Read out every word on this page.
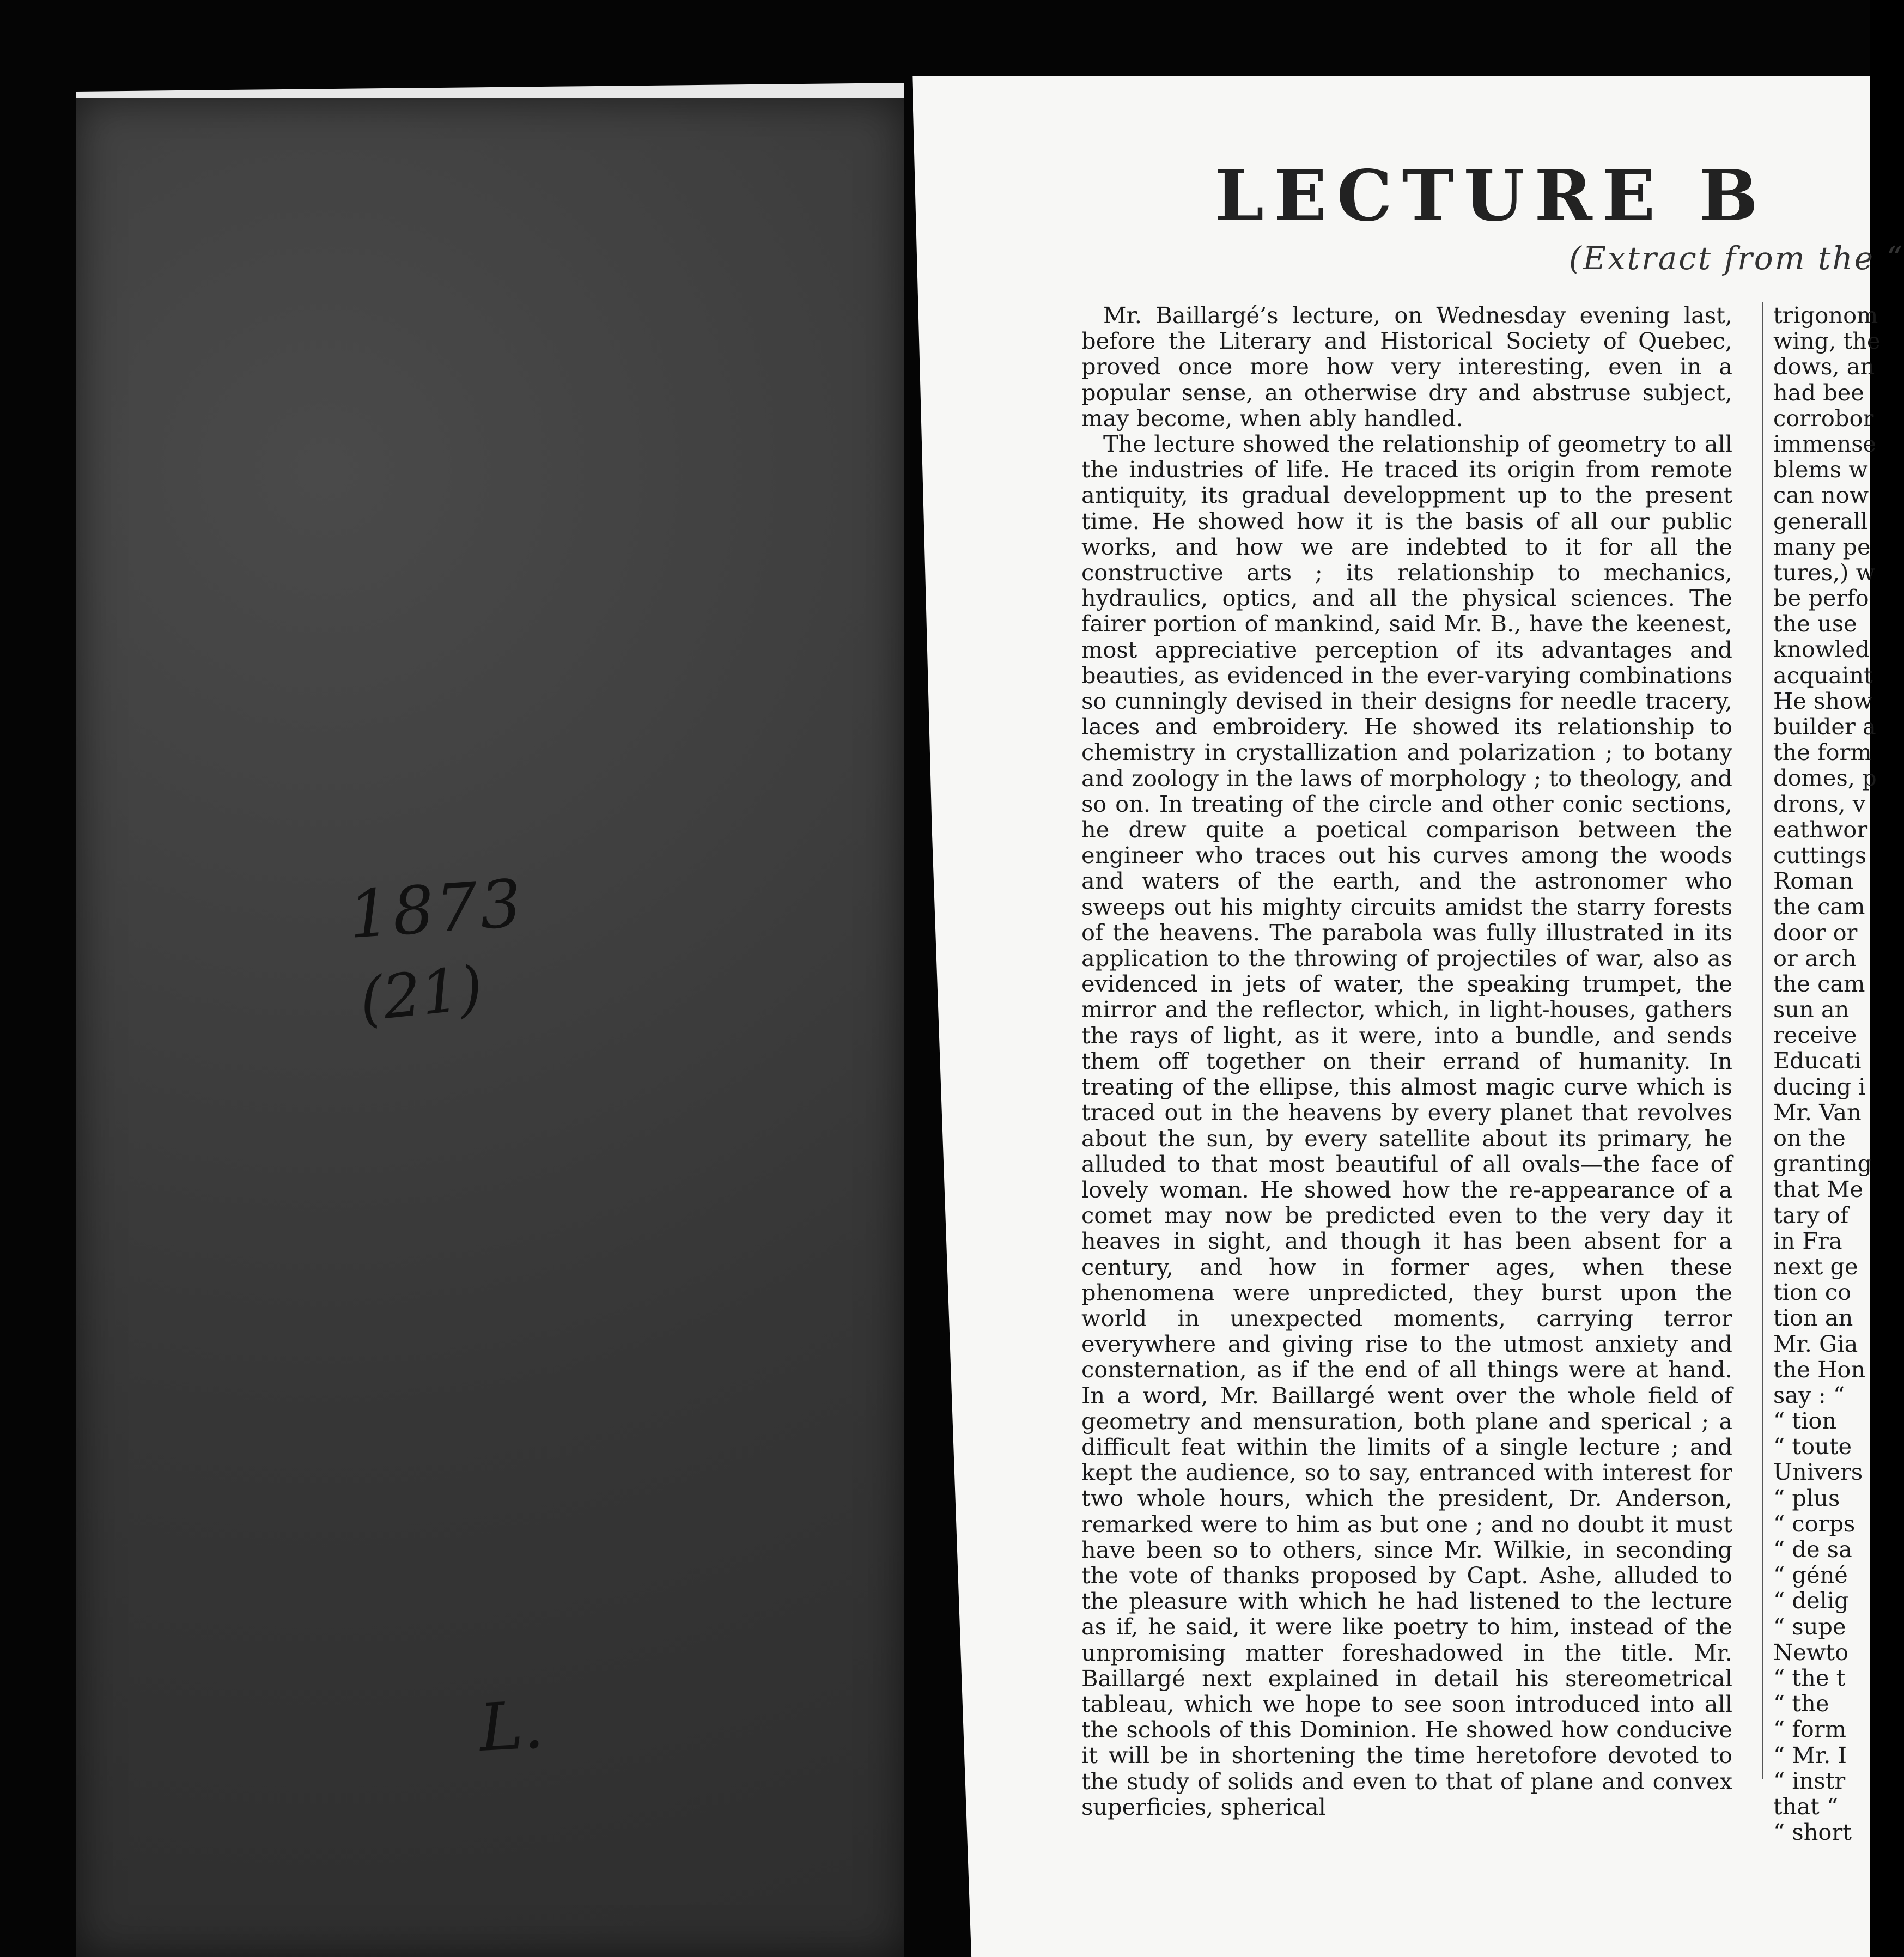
1873
(21)
L.
LECTURE B
(Extract from the “

Mr. Baillargé’s lecture, on Wednesday evening last, before the Literary and Historical Society of Quebec, proved once more how very interesting, even in a popular sense, an otherwise dry and abstruse subject, may become, when ably handled.

The lecture showed the relationship of geometry to all the industries of life. He traced its origin from remote antiquity, its gradual developpment up to the present time. He showed how it is the basis of all our public works, and how we are indebted to it for all the constructive arts ; its relationship to mechanics, hydraulics, optics, and all the physical sciences. The fairer portion of mankind, said Mr. B., have the keenest, most appreciative perception of its advantages and beauties, as evidenced in the ever-varying combinations so cunningly devised in their designs for needle tracery, laces and embroidery. He showed its relationship to chemistry in crystallization and polarization ; to botany and zoology in the laws of morphology ; to theology, and so on. In treating of the circle and other conic sections, he drew quite a poetical comparison between the engineer who traces out his curves among the woods and waters of the earth, and the astronomer who sweeps out his mighty circuits amidst the starry forests of the heavens. The parabola was fully illustrated in its application to the throwing of projectiles of war, also as evidenced in jets of water, the speaking trumpet, the mirror and the reflector, which, in light-houses, gathers the rays of light, as it were, into a bundle, and sends them off together on their errand of humanity. In treating of the ellipse, this almost magic curve which is traced out in the heavens by every planet that revolves about the sun, by every satellite about its primary, he alluded to that most beautiful of all ovals—the face of lovely woman. He showed how the re-appearance of a comet may now be predicted even to the very day it heaves in sight, and though it has been absent for a century, and how in former ages, when these phenomena were unpredicted, they burst upon the world in unexpected moments, carrying terror everywhere and giving rise to the utmost anxiety and consternation, as if the end of all things were at hand. In a word, Mr. Baillargé went over the whole field of geometry and mensuration, both plane and sperical ; a difficult feat within the limits of a single lecture ; and kept the audience, so to say, entranced with interest for two whole hours, which the president, Dr. Anderson, remarked were to him as but one ; and no doubt it must have been so to others, since Mr. Wilkie, in seconding the vote of thanks proposed by Capt. Ashe, alluded to the pleasure with which he had listened to the lecture as if, he said, it were like poetry to him, instead of the unpromising matter foreshadowed in the title. Mr. Baillargé next explained in detail his stereometrical tableau, which we hope to see soon introduced into all the schools of this Dominion. He showed how conducive it will be in shortening the time heretofore devoted to the study of solids and even to that of plane and convex superficies, spherical

trigonom
wing, the
dows, an
had bee
corrobor
immense
blems w
can now
generall
many pe
tures,) w
be perfo
the use
knowled
acquaint
He show
builder a
the form
domes, p
drons, v
eathwor
cuttings
Roman
the cam
door or
or arch
the cam
sun an
receive
Educati
ducing i
Mr. Van
on the
granting
that Me
tary of
in Fra
next ge
tion co
tion an
Mr. Gia
the Hon
say : “
“ tion
“ toute
Univers
“ plus
“ corps
“ de sa
“ géné
“ delig
“ supe
Newto
“ the t
“ the
“ form
“ Mr. I
“ instr
that “
“ short
